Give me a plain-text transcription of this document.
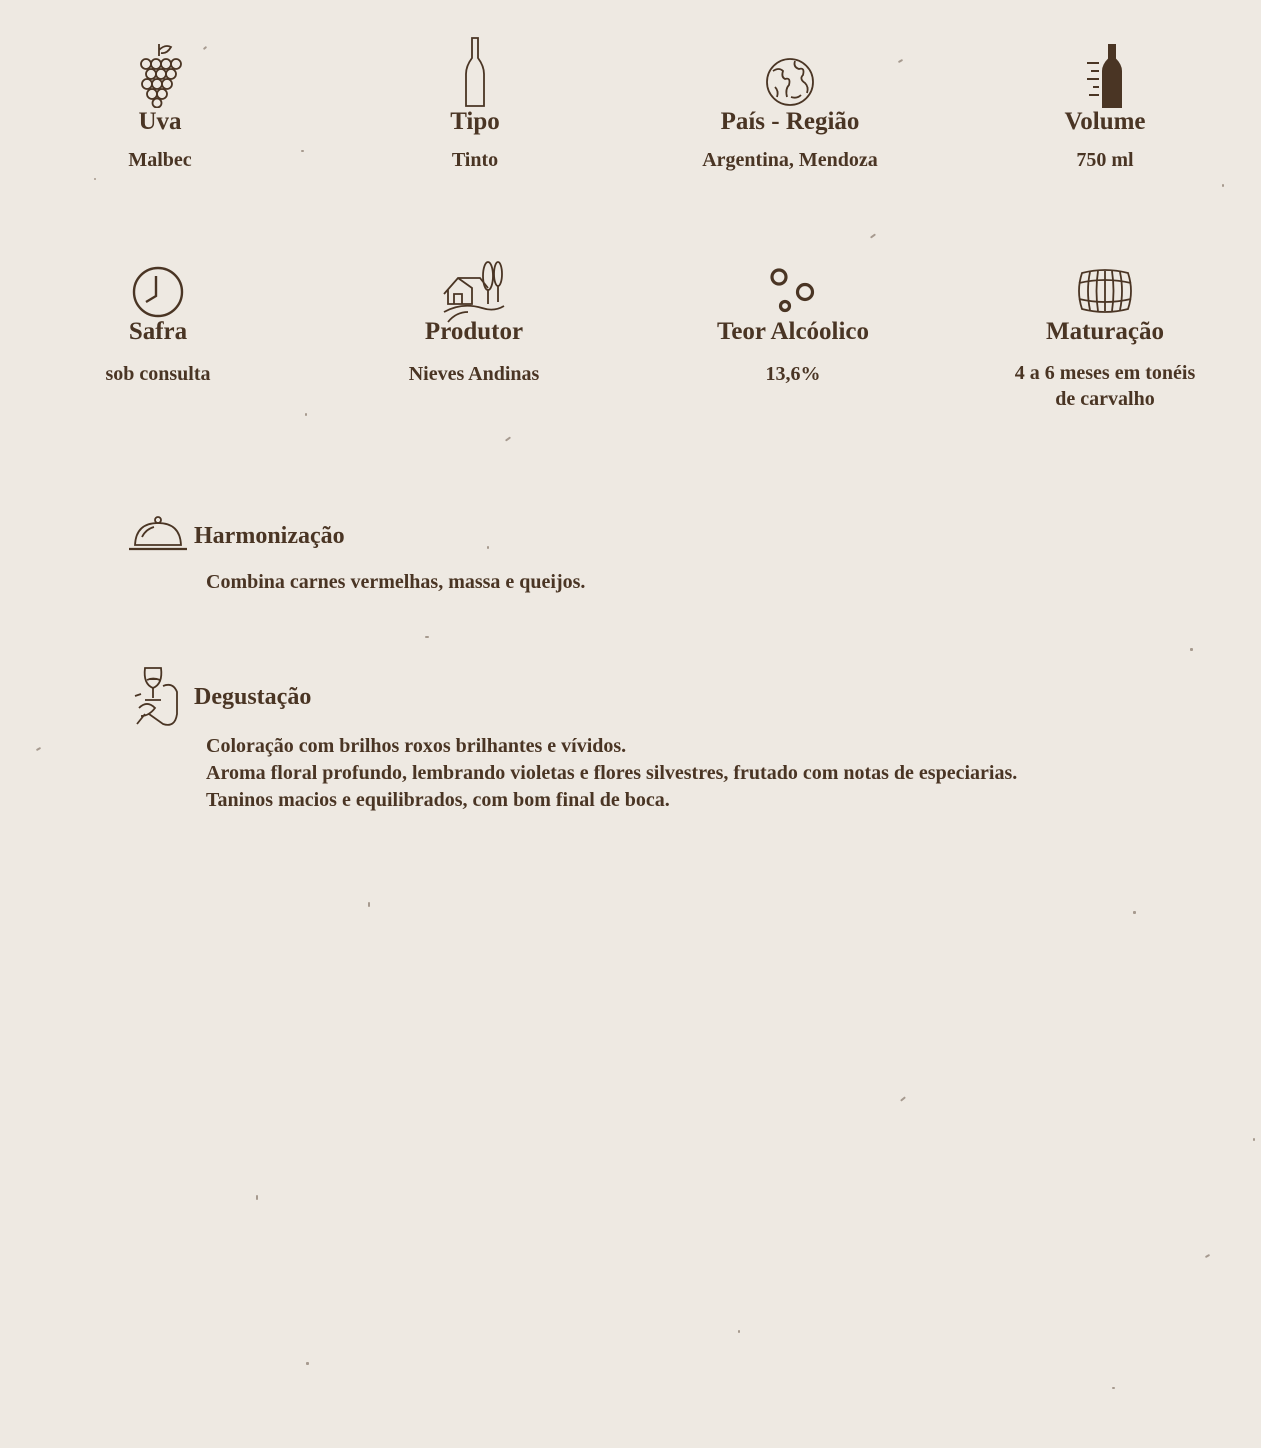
Uva
Malbec
Tipo
Tinto
País - Região
Argentina, Mendoza
Volume
750 ml
Safra
sob consulta
Produtor
Nieves Andinas
Teor Alcóolico
13,6%
Maturação
4 a 6 meses em tonéis
de carvalho
Harmonização
Combina carnes vermelhas, massa e queijos.
Degustação
Coloração com brilhos roxos brilhantes e vívidos.
Aroma floral profundo, lembrando violetas e flores silvestres, frutado com notas de especiarias.
Taninos macios e equilibrados, com bom final de boca.
